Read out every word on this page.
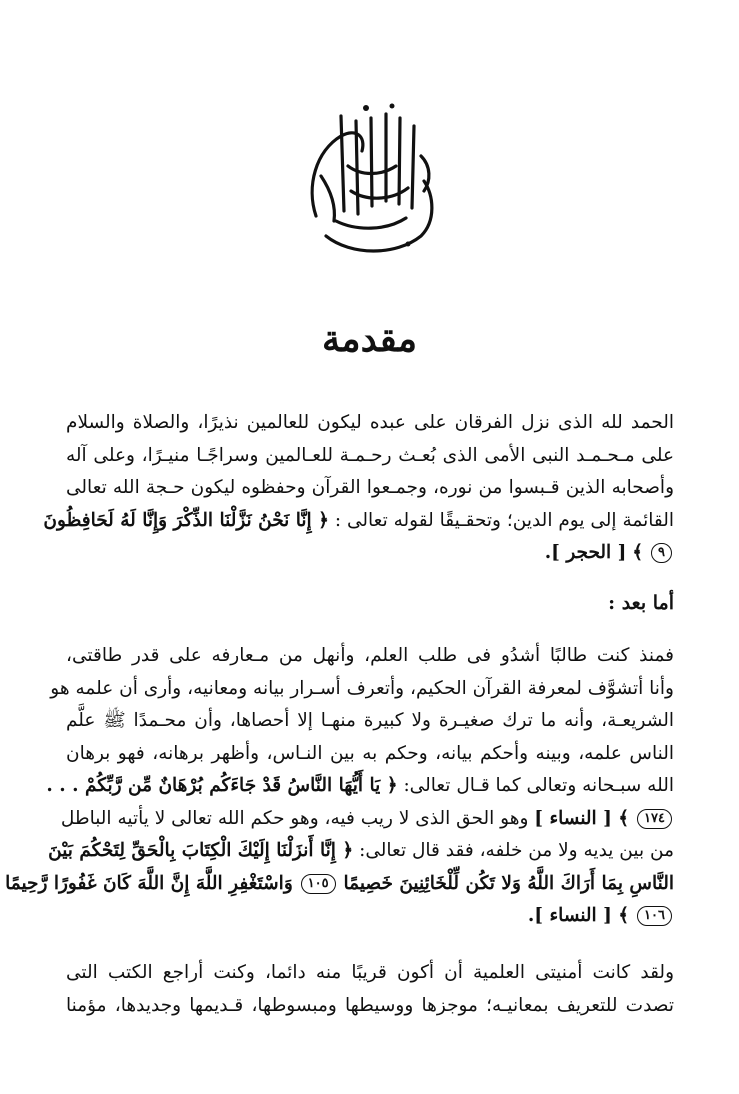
مقدمة
الحمد لله الذى نزل الفرقان على عبده ليكون للعالمين نذيرًا، والصلاة والسلام
على مـحـمـد النبى الأمى الذى بُعـث رحـمـة للعـالمين وسراجًـا منيـرًا، وعلى آله
وأصحابه الذين قـبسوا من نوره، وجمـعوا القرآن وحفظوه ليكون حـجة الله تعالى
القائمة إلى يوم الدين؛ وتحقـيقًا لقوله تعالى : ﴿ إِنَّا نَحْنُ نَزَّلْنَا الذِّكْرَ وَإِنَّا لَهُ لَحَافِظُونَ
٩ ﴾ [ الحجر ].
أما بعد :
فمنذ كنت طالبًا أشدُو فى طلب العلم، وأنهل من مـعارفه على قدر طاقتى،
وأنا أتشوَّف لمعرفة القرآن الحكيم، وأتعرف أسـرار بيانه ومعانيه، وأرى أن علمه هو
الشريعـة، وأنه ما ترك صغيـرة ولا كبيرة منهـا إلا أحصاها، وأن محـمدًا ﷺ علَّم
الناس علمه، وبينه وأحكم بيانه، وحكم به بين النـاس، وأظهر برهانه، فهو برهان
الله سبـحانه وتعالى كما قـال تعالى: ﴿ يَا أَيُّهَا النَّاسُ قَدْ جَاءَكُم بُرْهَانٌ مِّن رَّبِّكُمْ . . .
١٧٤ ﴾ [ النساء ] وهو الحق الذى لا ريب فيه، وهو حكم الله تعالى لا يأتيه الباطل
من بين يديه ولا من خلفه، فقد قال تعالى: ﴿ إِنَّا أَنزَلْنَا إِلَيْكَ الْكِتَابَ بِالْحَقِّ لِتَحْكُمَ بَيْنَ
النَّاسِ بِمَا أَرَاكَ اللَّهُ وَلا تَكُن لِّلْخَائِنِينَ خَصِيمًا ١٠٥ وَاسْتَغْفِرِ اللَّهَ إِنَّ اللَّهَ كَانَ غَفُورًا رَّحِيمًا
١٠٦ ﴾ [ النساء ].
ولقد كانت أمنيتى العلمية أن أكون قريبًا منه دائما، وكنت أراجع الكتب التى
تصدت للتعريف بمعانيـه؛ موجزها ووسيطها ومبسوطها، قـديمها وجديدها، مؤمنا
